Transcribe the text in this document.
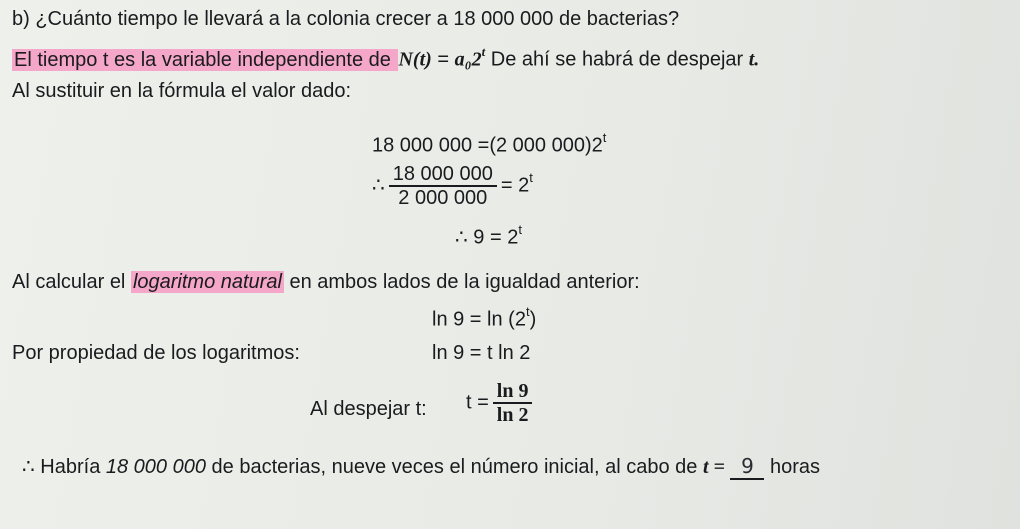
b) ¿Cuánto tiempo le llevará a la colonia crecer a 18 000 000 de bacterias?
El tiempo t es la variable independiente de $N(t) = a_02^t$ De ahí se habrá de despejar t.
Al sustituir en la fórmula el valor dado:
18 000 000 =(2 000 000)2$^t$
∴ $\frac{18 000 000}{2 000 000} = 2^t$
∴ $9 = 2^t$
Al calcular el logaritmo natural en ambos lados de la igualdad anterior:
ln 9 = ln (2$^t$)
Por propiedad de los logaritmos:	ln 9 = t ln 2
Al despejar t: $t = \frac{\ln 9}{\ln 2}$
∴ Habría 18 000 000 de bacterias, nueve veces el número inicial, al cabo de t = 9 horas
